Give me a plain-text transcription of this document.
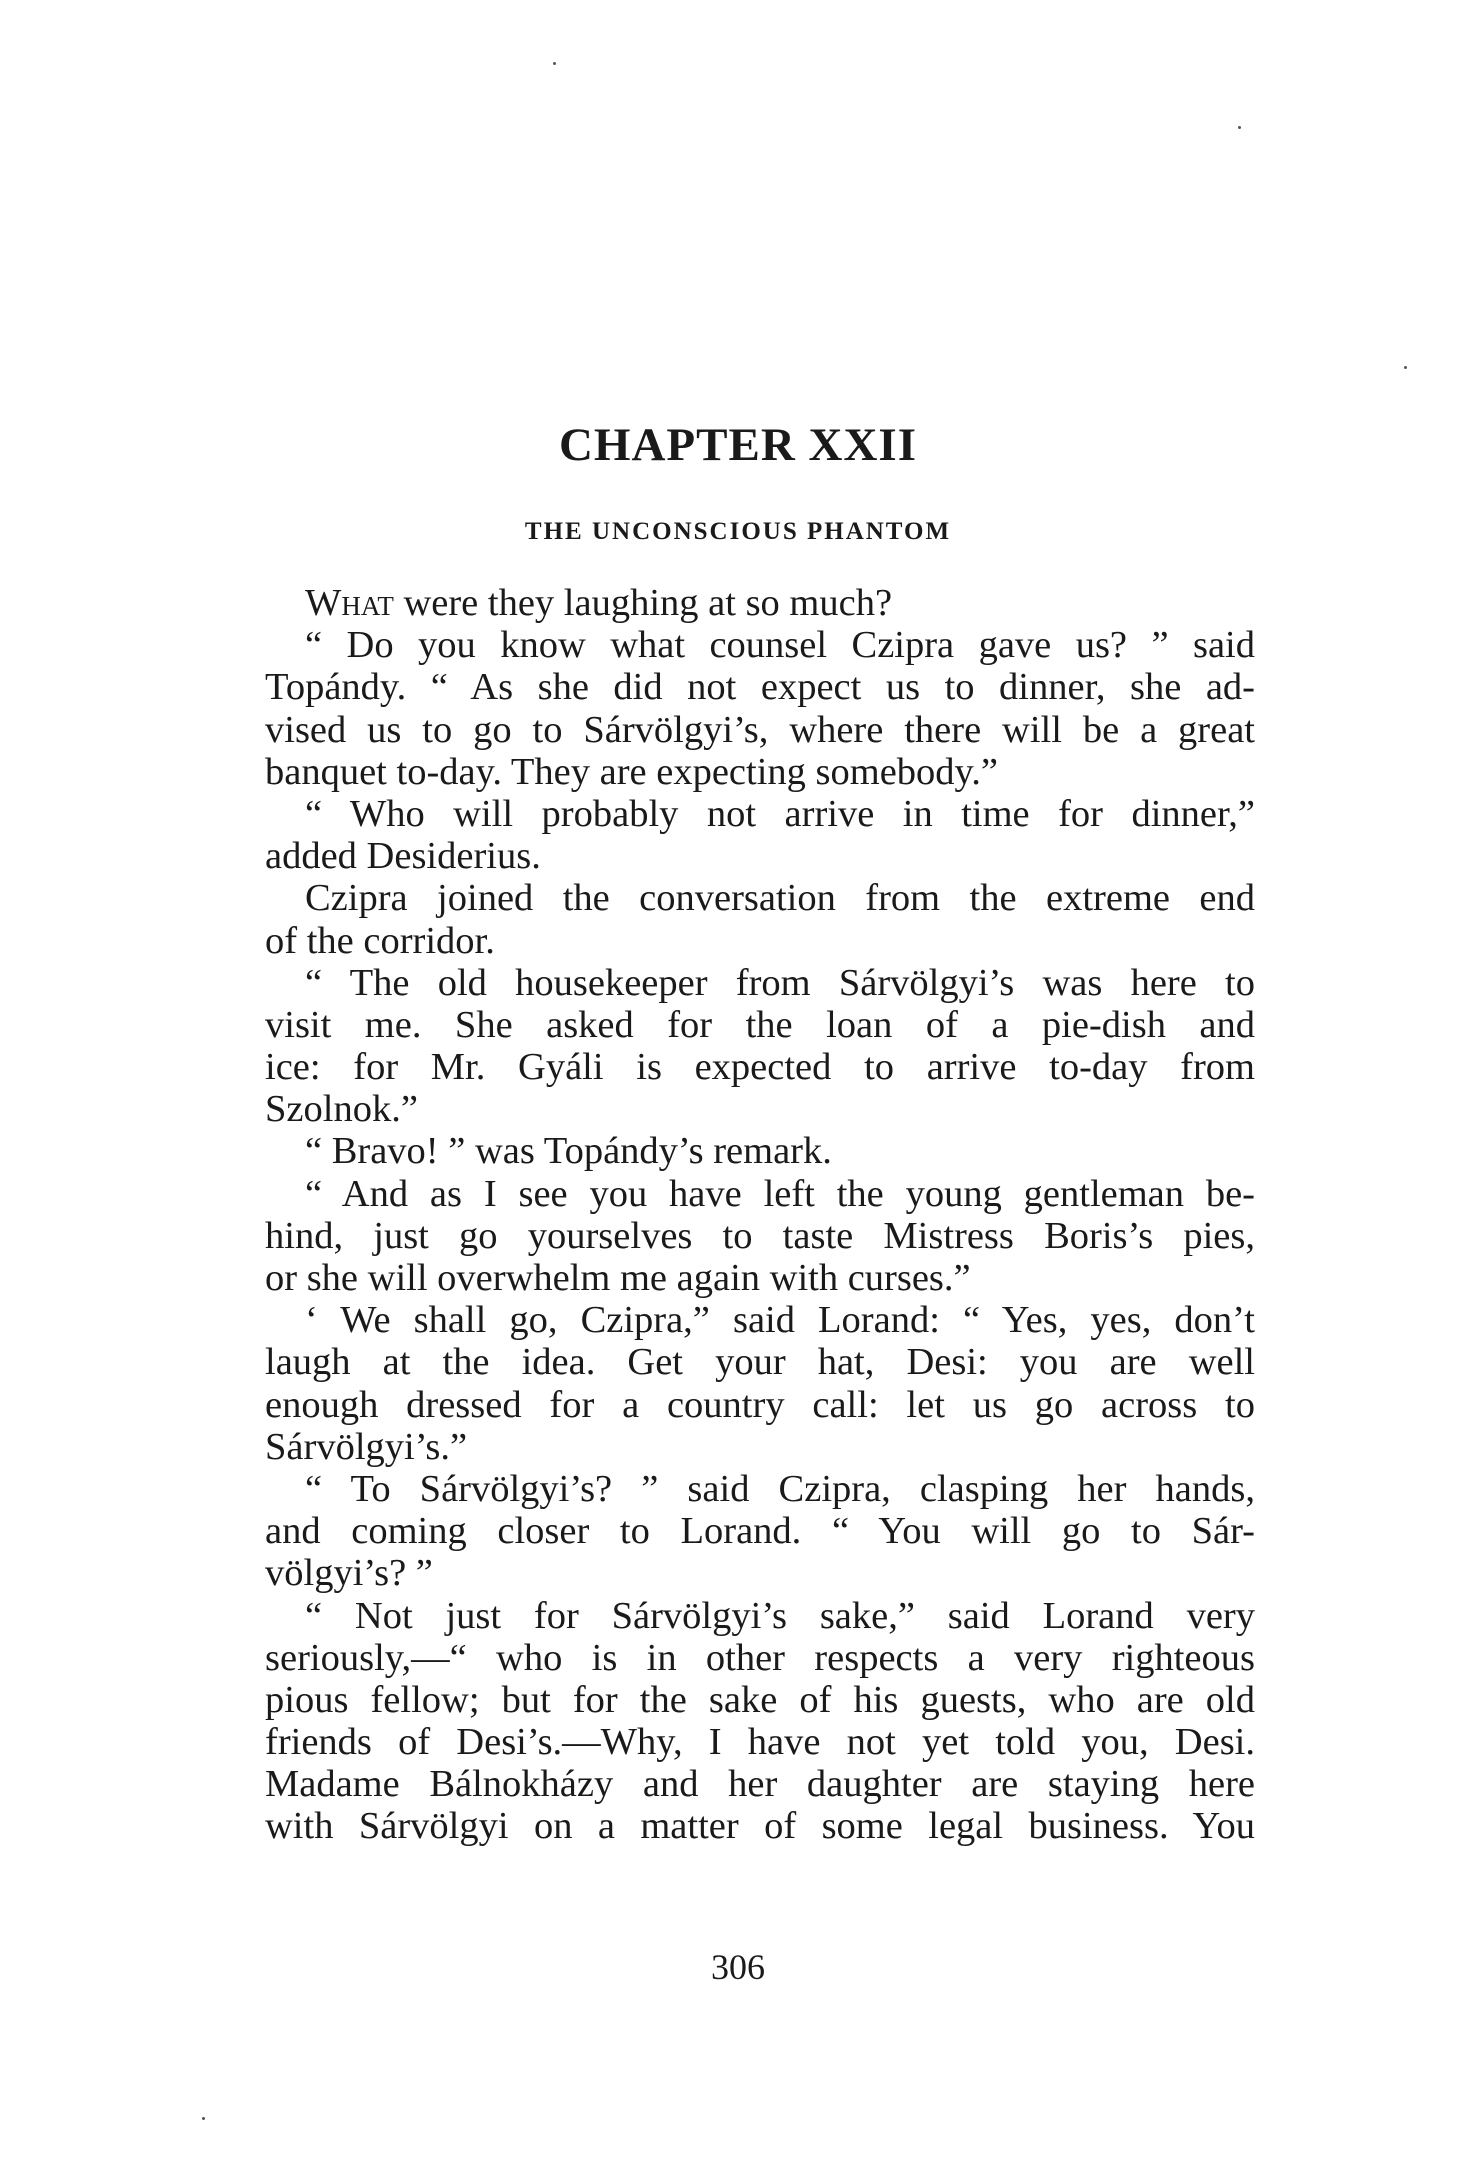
CHAPTER XXII
THE UNCONSCIOUS PHANTOM
What were they laughing at so much?
“ Do you know what counsel Czipra gave us? ” said
Topándy. “ As she did not expect us to dinner, she ad-
vised us to go to Sárvölgyi’s, where there will be a great
banquet to-day. They are expecting somebody.”
“ Who will probably not arrive in time for dinner,”
added Desiderius.
Czipra joined the conversation from the extreme end
of the corridor.
“ The old housekeeper from Sárvölgyi’s was here to
visit me. She asked for the loan of a pie-dish and
ice: for Mr. Gyáli is expected to arrive to-day from
Szolnok.”
“ Bravo! ” was Topándy’s remark.
“ And as I see you have left the young gentleman be-
hind, just go yourselves to taste Mistress Boris’s pies,
or she will overwhelm me again with curses.”
‘ We shall go, Czipra,” said Lorand: “ Yes, yes, don’t
laugh at the idea. Get your hat, Desi: you are well
enough dressed for a country call: let us go across to
Sárvölgyi’s.”
“ To Sárvölgyi’s? ” said Czipra, clasping her hands,
and coming closer to Lorand. “ You will go to Sár-
völgyi’s? ”
“ Not just for Sárvölgyi’s sake,” said Lorand very
seriously,—“ who is in other respects a very righteous
pious fellow; but for the sake of his guests, who are old
friends of Desi’s.—Why, I have not yet told you, Desi.
Madame Bálnokházy and her daughter are staying here
with Sárvölgyi on a matter of some legal business. You
306
